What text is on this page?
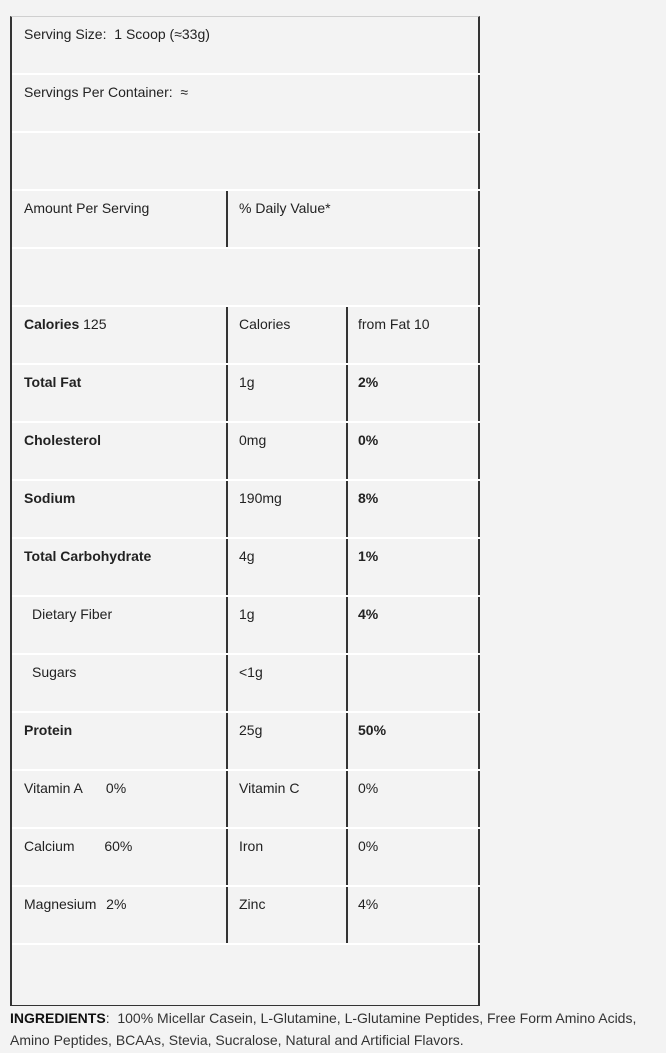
Serving Size: 1 Scoop (≈33g)
Servings Per Container: ≈
Amount Per Serving	% Daily Value*
Calories 125	Calories	from Fat 10
Total Fat	1g	2%
Cholesterol	0mg	0%
Sodium	190mg	8%
Total Carbohydrate	4g	1%
Dietary Fiber	1g	4%
Sugars	<1g
Protein	25g	50%
Vitamin A 0%	Vitamin C	0%
Calcium 60%	Iron	0%
Magnesium 2%	Zinc	4%
INGREDIENTS:  100% Micellar Casein, L-Glutamine, L-Glutamine Peptides, Free Form Amino Acids, Amino Peptides, BCAAs, Stevia, Sucralose, Natural and Artificial Flavors.
